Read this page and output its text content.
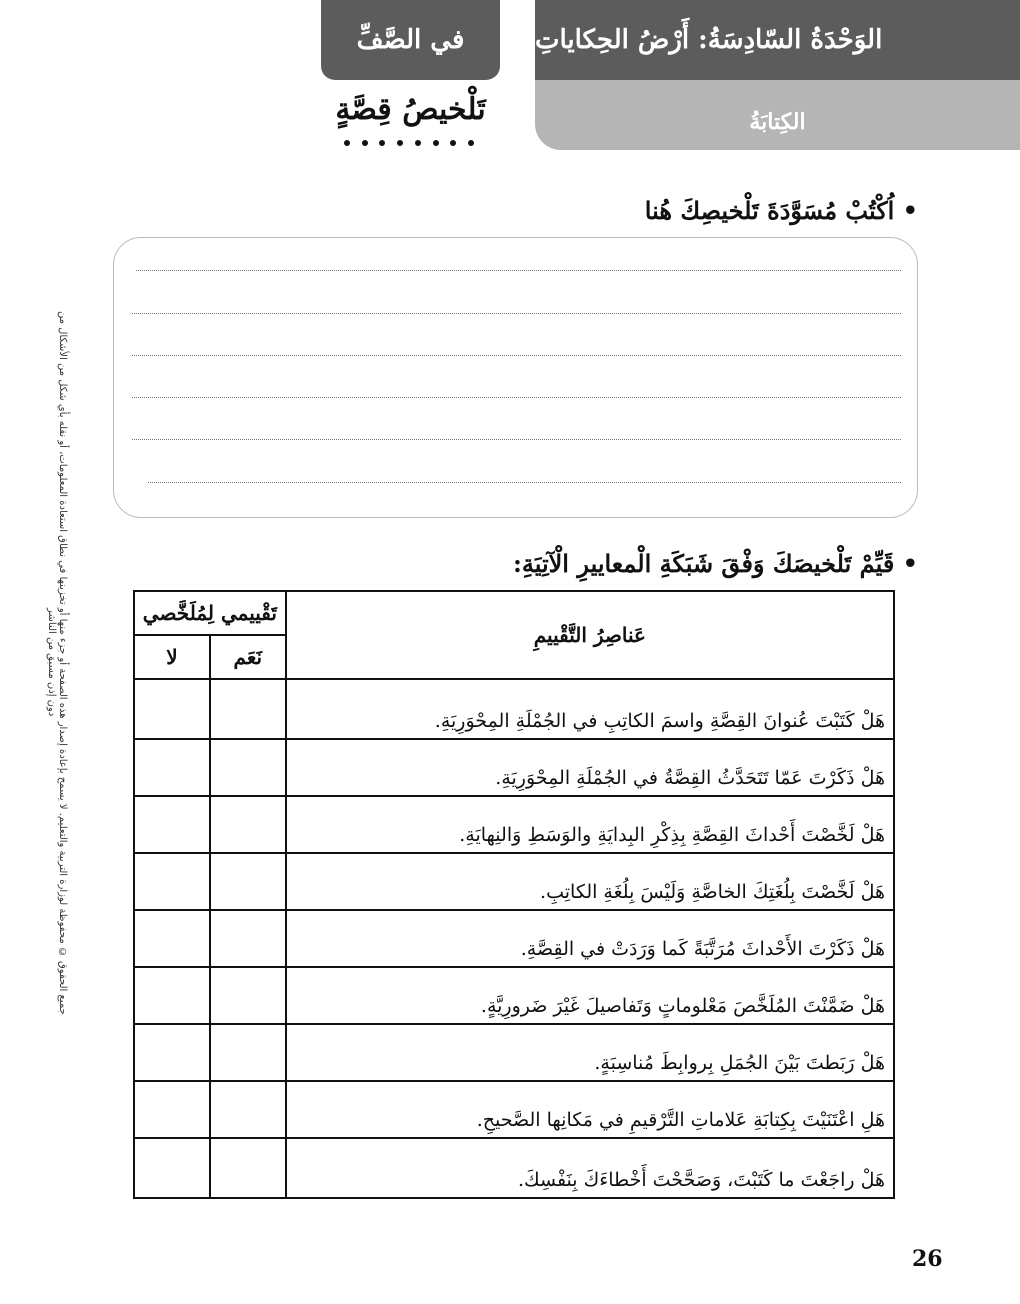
الوَحْدَةُ السّادِسَةُ: أَرْضُ الحِكاياتِ
في الصَّفِّ
الكِتابَةُ
تَلْخيصُ قِصَّةٍ
جميع الحقوق © محفوظة لوزارة التربية والتعليم. لا يسمح بإعادة إصدار هذه الصفحة أو جزء منها أو تخزينها في نطاق استعادة المعلومات، أو نقله بأي شكل من الأشكال من دون إذن مسبق من الناشر
• اُكْتُبْ مُسَوَّدَةَ تَلْخيصِكَ هُنا
• قَيِّمْ تَلْخيصَكَ وَفْقَ شَبَكَةِ الْمعاييرِ الْآتِيَةِ:
عَناصِرُ التَّقْييمِ	تَقْييمي لِمُلَخَّصي	
	نَعَم	لا
هَلْ كَتَبْتَ عُنوانَ القِصَّةِ واسمَ الكاتِبِ في الجُمْلَةِ المِحْوَرِيَةِ.		
هَلْ ذَكَرْتَ عَمّا تَتَحَدَّثُ القِصَّةُ في الجُمْلَةِ المِحْوَرِيَةِ.		
هَلْ لَخَّصْتَ أَحْداثَ القِصَّةِ بِذِكْرِ البِدايَةِ والوَسَطِ وَالنِهايَةِ.		
هَلْ لَخَّصْتَ بِلُغَتِكَ الخاصَّةِ وَلَيْسَ بِلُغَةِ الكاتِبِ.		
هَلْ ذَكَرْتَ الأَحْداثَ مُرَتَّبَةً كَما وَرَدَتْ في القِصَّةِ.		
هَلْ ضَمَّنْتَ المُلَخَّصَ مَعْلوماتٍ وَتَفاصيلَ غَيْرَ ضَرورِيَّةٍ.		
هَلْ رَبَطتَ بَيْنَ الجُمَلِ بِروابِطَ مُناسِبَةٍ.		
هَلِ اعْتَنَيْتَ بِكِتابَةِ عَلاماتِ التَّرْقيمِ في مَكانِها الصَّحيحِ.		
هَلْ راجَعْتَ ما كَتَبْتَ، وَصَحَّحْتَ أَخْطاءَكَ بِنَفْسِكَ.		
26
